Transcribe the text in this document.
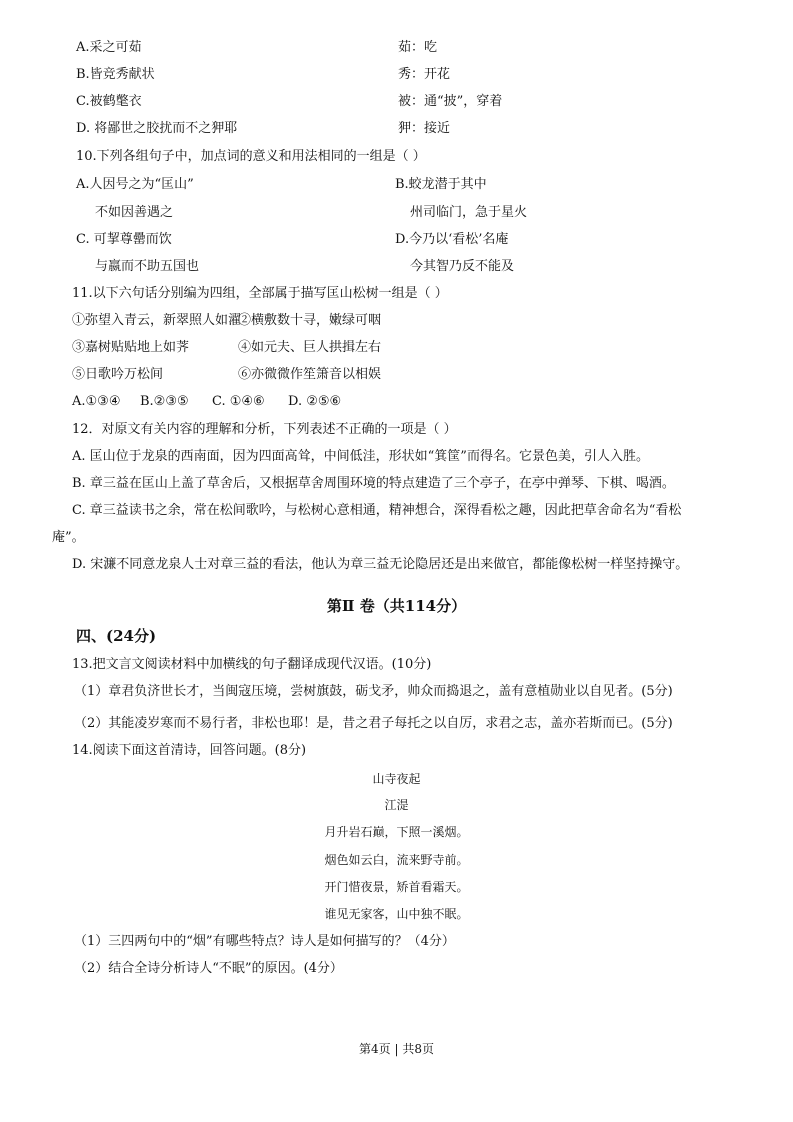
A.采之可茹	茹：吃
B.皆竞秀献状	秀：开花
C.被鹤氅衣	被：通“披”，穿着
D. 将鄙世之胶扰而不之狎耶	狎：接近
10.下列各组句子中，加点词的意义和用法相同的一组是（ ）
A.人因号之为“匡山”
不如因善遇之
B.蛟龙潜于其中
州司临门，急于星火
C. 可挈尊罍而饮
与嬴而不助五国也
D.今乃以‘看松’名庵
今其智乃反不能及
11.以下六句话分别编为四组，全部属于描写匡山松树一组是（ ）
①弥望入青云，新翠照人如濯
②横敷数十寻，嫩绿可咽
③嘉树贴贴地上如荠	④如元夫、巨人拱揖左右
⑤日歌吟万松间	⑥亦微微作笙箫音以相娱
A.①③④ B.②③⑤ C. ①④⑥ D. ②⑤⑥
12．对原文有关内容的理解和分析，下列表述不正确的一项是（ ）
A. 匡山位于龙泉的西南面，因为四面高耸，中间低洼，形状如“箕筐”而得名。它景色美，引人入胜。
B. 章三益在匡山上盖了草舍后，又根据草舍周围环境的特点建造了三个亭子，在亭中弹琴、下棋、喝酒。
C. 章三益读书之余，常在松间歌吟，与松树心意相通，精神想合，深得看松之趣，因此把草舍命名为“看松
庵”。
D. 宋濂不同意龙泉人士对章三益的看法，他认为章三益无论隐居还是出来做官，都能像松树一样坚持操守。
第Ⅱ 卷（共114分）
四、(24分)
13.把文言文阅读材料中加横线的句子翻译成现代汉语。(10分)
（1）章君负济世长才，当闽寇压境，尝树旗鼓，砺戈矛，帅众而捣退之，盖有意植勋业以自见者。(5分)
（2）其能凌岁寒而不易行者，非松也耶！是，昔之君子每托之以自厉，求君之志，盖亦若斯而已。(5分)
14.阅读下面这首清诗，回答问题。(8分)
山寺夜起
江湜
月升岩石巅，下照一溪烟。
烟色如云白，流来野寺前。
开门惜夜景，矫首看霜天。
谁见无家客，山中独不眠。
（1）三四两句中的“烟”有哪些特点？诗人是如何描写的？（4分）
（2）结合全诗分析诗人“不眠”的原因。(4分）
第4页 | 共8页
